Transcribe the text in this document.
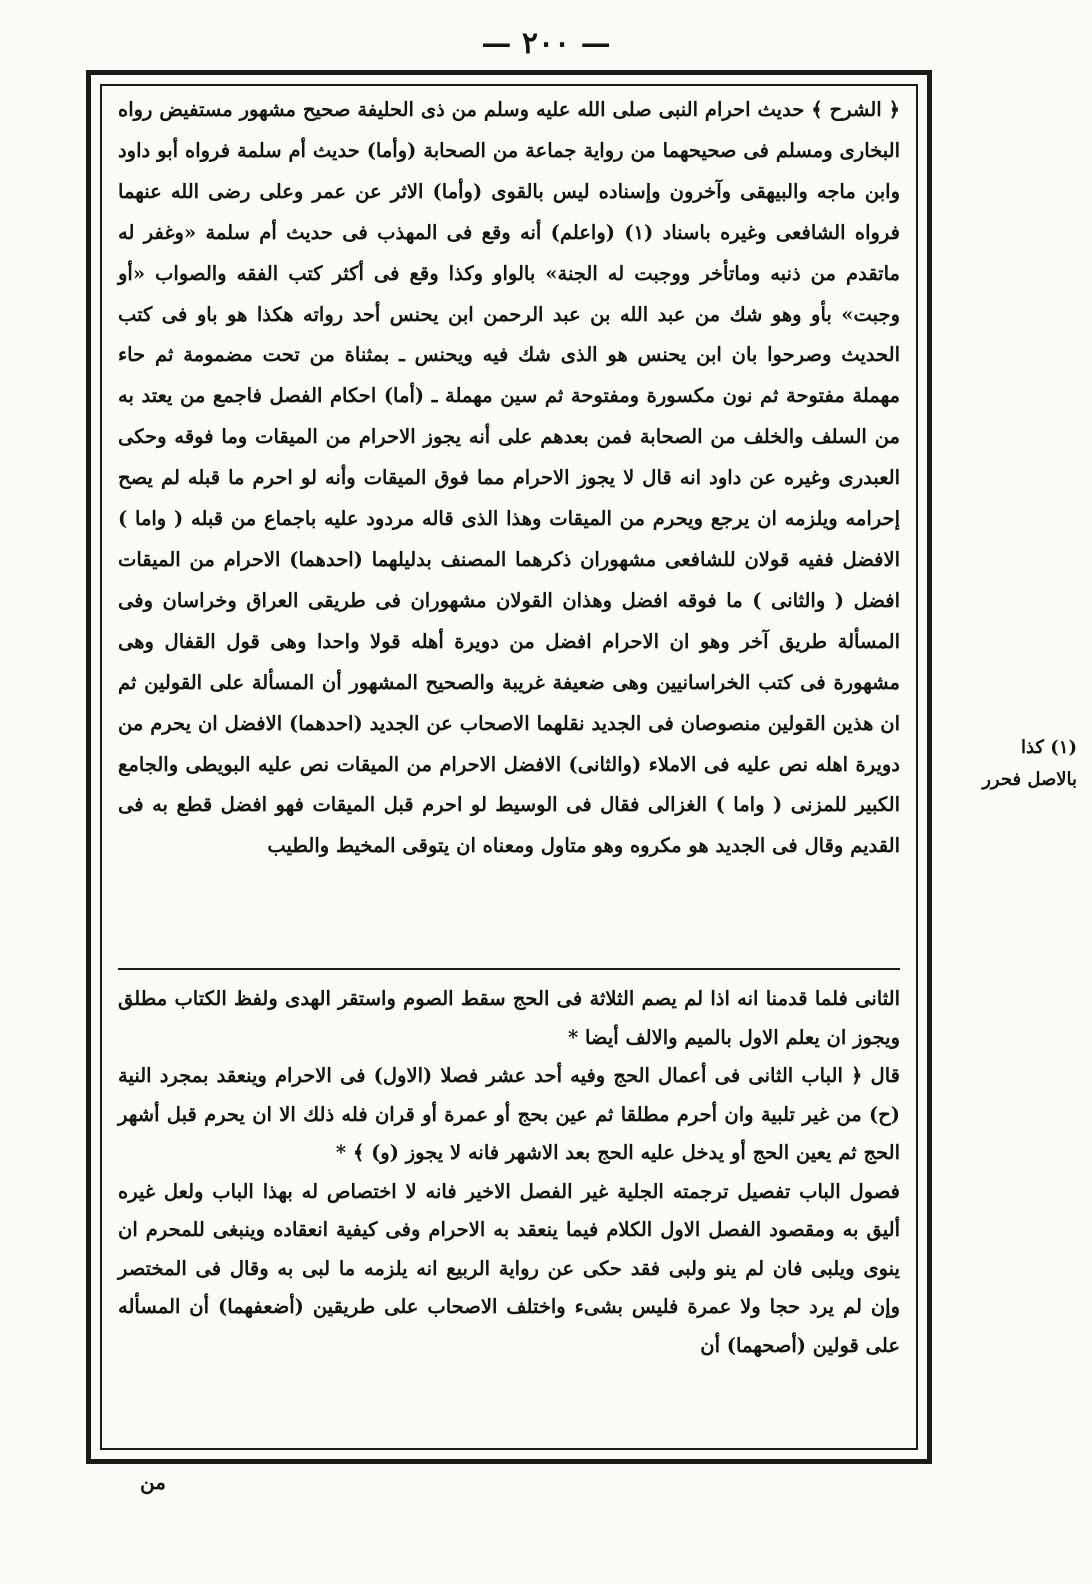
— ٢٠٠ —

﴿ الشرح ﴾ حديث احرام النبى صلى الله عليه وسلم من ذى الحليفة صحيح مشهور مستفيض رواه البخارى ومسلم فى صحيحهما من رواية جماعة من الصحابة (وأما) حديث أم سلمة فرواه أبو داود وابن ماجه والبيهقى وآخرون وإسناده ليس بالقوى (وأما) الاثر عن عمر وعلى رضى الله عنهما فرواه الشافعى وغيره باسناد (١) (واعلم) أنه وقع فى المهذب فى حديث أم سلمة «وغفر له ماتقدم من ذنبه وماتأخر ووجبت له الجنة» بالواو وكذا وقع فى أكثر كتب الفقه والصواب «أو وجبت» بأو وهو شك من عبد الله بن عبد الرحمن ابن يحنس أحد رواته هكذا هو باو فى كتب الحديث وصرحوا بان ابن يحنس هو الذى شك فيه ويحنس ـ بمثناة من تحت مضمومة ثم حاء مهملة مفتوحة ثم نون مكسورة ومفتوحة ثم سين مهملة ـ (أما) احكام الفصل فاجمع من يعتد به من السلف والخلف من الصحابة فمن بعدهم على أنه يجوز الاحرام من الميقات وما فوقه وحكى العبدرى وغيره عن داود انه قال لا يجوز الاحرام مما فوق الميقات وأنه لو احرم ما قبله لم يصح إحرامه ويلزمه ان يرجع ويحرم من الميقات وهذا الذى قاله مردود عليه باجماع من قبله ( واما ) الافضل ففيه قولان للشافعى مشهوران ذكرهما المصنف بدليلهما (احدهما) الاحرام من الميقات افضل ( والثانى ) ما فوقه افضل وهذان القولان مشهوران فى طريقى العراق وخراسان وفى المسألة طريق آخر وهو ان الاحرام افضل من دويرة أهله قولا واحدا وهى قول القفال وهى مشهورة فى كتب الخراسانيين وهى ضعيفة غريبة والصحيح المشهور أن المسألة على القولين ثم ان هذين القولين منصوصان فى الجديد نقلهما الاصحاب عن الجديد (احدهما) الافضل ان يحرم من دويرة اهله نص عليه فى الاملاء (والثانى) الافضل الاحرام من الميقات نص عليه البويطى والجامع الكبير للمزنى ( واما ) الغزالى فقال فى الوسيط لو احرم قبل الميقات فهو افضل قطع به فى القديم وقال فى الجديد هو مكروه وهو متاول ومعناه ان يتوقى المخيط والطيب

الثانى فلما قدمنا انه اذا لم يصم الثلاثة فى الحج سقط الصوم واستقر الهدى ولفظ الكتاب مطلق ويجوز ان يعلم الاول بالميم والالف أيضا *

قال ﴿ الباب الثانى فى أعمال الحج وفيه أحد عشر فصلا (الاول) فى الاحرام وينعقد بمجرد النية (ح) من غير تلبية وان أحرم مطلقا ثم عين بحج أو عمرة أو قران فله ذلك الا ان يحرم قبل أشهر الحج ثم يعين الحج أو يدخل عليه الحج بعد الاشهر فانه لا يجوز (و) ﴾ *

فصول الباب تفصيل ترجمته الجلية غير الفصل الاخير فانه لا اختصاص له بهذا الباب ولعل غيره أليق به ومقصود الفصل الاول الكلام فيما ينعقد به الاحرام وفى كيفية انعقاده وينبغى للمحرم ان ينوى ويلبى فان لم ينو ولبى فقد حكى عن رواية الربيع انه يلزمه ما لبى به وقال فى المختصر وإن لم يرد حجا ولا عمرة فليس بشىء واختلف الاصحاب على طريقين (أضعفهما) أن المسأله على قولين (أصحهما) أن

(١) كذا
بالاصل فحرر
من
